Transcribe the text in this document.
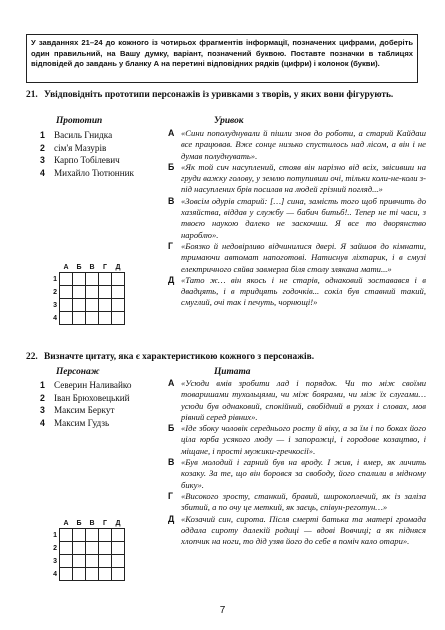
У завданнях 21–24 до кожного із чотирьох фрагментів інформації, позначених цифрами, доберіть один правильний, на Вашу думку, варіант, позначений буквою. Поставте позначки в таблицях відповідей до завдань у бланку А на перетині відповідних рядків (цифри) і колонок (букви).
21. Увідповідніть прототипи персонажів із уривками з творів, у яких вони фігурують.
Прототип	Уривок
1 Василь Гнидка
2 сім'я Мазурів
3 Карпо Тобілевич
4 Михайло Тютюнник
А «Сини пополуднували й пішли знов до роботи, а старий Кайдаш все працював. Вже сонце низько спустилось над лісом, а він і не думав полуднувать».
Б «Як той сич насуплений, стояв він нарізно від всіх, звісивши на груди важку голову, у землю потупивши очі, тільки коли-не-коли з-під насуплених брів посилав на людей грізний погляд...»
В «Зовсім одурів старий: […] сина, замість того щоб привчить до хазяйства, віддав у службу — бабич битьб!.. Тепер не ті часи, з твоєю наукою далеко не заскочиш. Я все то дворянство нароблю».
Г «Боязко й недовірливо відчинилися двері. Я зайшов до кімнати, тримаючи автомат напоготові. Натиснув ліхтарик, і в смузі електричного сяйва завмерла біля столу зляканa мати...»
Д «Тато ж… він якось і не старів, однаковий зоставався і в двадцять, і в тридцять годочків... сокіл був ставний такий, смуглий, очі так і печуть, чорнющі!»
	А	Б	В	Г	Д
1					
2					
3					
4					
22. Визначте цитату, яка є характеристикою кожного з персонажів.
Персонаж	Цитата
1 Северин Наливайко
2 Іван Брюховецький
3 Максим Беркут
4 Максим Гудзь
А «Усюди вмів зробити лад і порядок. Чи то між своїми товаришами тухольцями, чи між боярами, чи між їх слугами… усюди був однаковий, спокійний, свобідний в рухах і словах, мов рівний серед рівних».
Б «Іде збоку чоловік середнього росту й віку, а за їм і по боках його ціла юрба усякого люду — і запорожці, і городове козацтво, і міщане, і прості мужики-гречкосії».
В «Був молодий і гарний був на вроду. І жив, і вмер, як личить козаку. За те, що він боровся за свободу, його спалили в мідному бику».
Г «Високого зросту, станкий, бравий, широкоплечий, як із заліза збитий, а по очу це меткий, як заєць, співун-реготун…»
Д «Козачий син, сирота. Після смерті батька та матері громада оддала сироту далекій родиці — вдові Вовчиці; а як підняся хлопчик на ноги, то дід узяв його до себе в поміч кало отари».
	А	Б	В	Г	Д
1					
2					
3					
4					
7
